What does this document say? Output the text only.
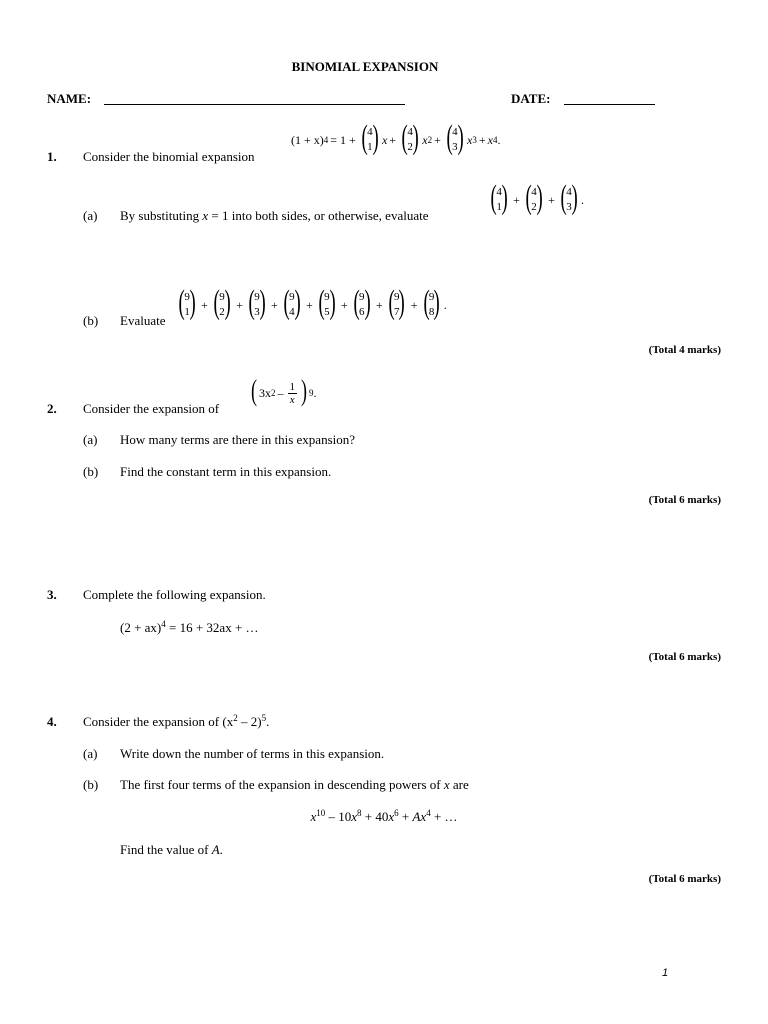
BINOMIAL EXPANSION
NAME:	DATE:
(1 + x) 4 = 1 + ( 4
1 ) x + ( 4
2 ) x 2 + ( 4
3 ) x 3 + x 4 .
1. Consider the binomial expansion
(a) By substituting x = 1 into both sides, or otherwise, evaluate ( 4
1 ) + ( 4
2 ) + ( 4
3 ) .
(b) Evaluate ( 9
1 ) + ( 9
2 ) + ( 9
3 ) + ( 9
4 ) + ( 9
5 ) + ( 9
6 ) + ( 9
7 ) + ( 9
8 ) .
(Total 4 marks)
( 3x $2 - \frac{1}{x}$ ) 9 .
2. Consider the expansion of
(a) How many terms are there in this expansion?
(b) Find the constant term in this expansion.
(Total 6 marks)
3. Complete the following expansion.
(2 + ax)$^4$ = 16 + 32ax + …
(Total 6 marks)
4. Consider the expansion of $(x^2 - 2)^5$.
(a) Write down the number of terms in this expansion.
(b) The first four terms of the expansion in descending powers of x are
$x^{10} - 10x^8 + 40x^6 + Ax^4$ + …
Find the value of A.
(Total 6 marks)
1
